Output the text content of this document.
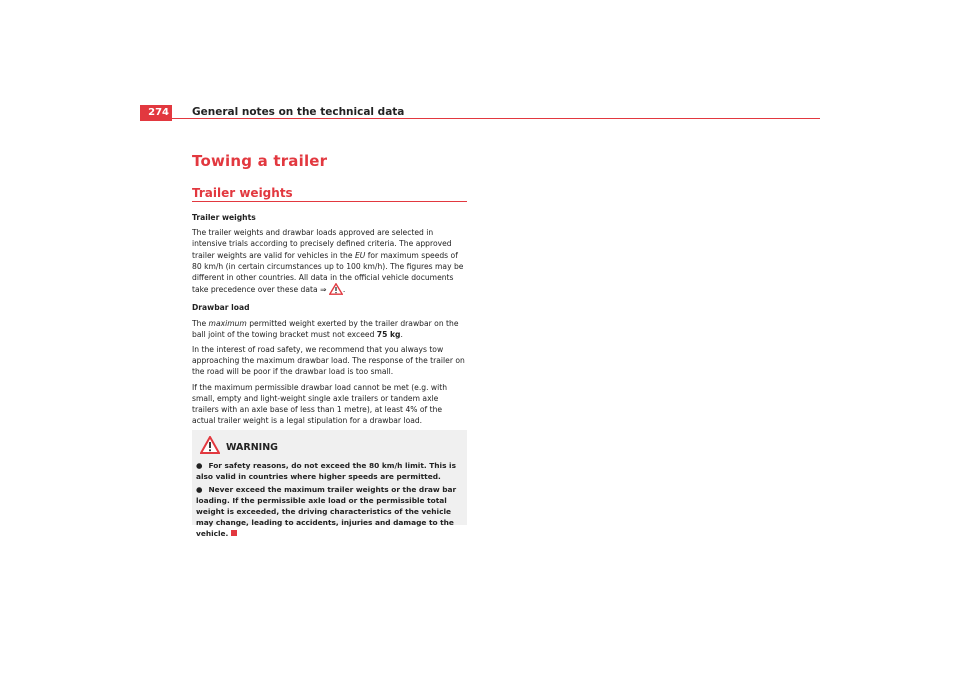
274 General notes on the technical data
Towing a trailer
Trailer weights

Trailer weights

The trailer weights and drawbar loads approved are selected in intensive trials according to precisely defined criteria. The approved trailer weights are valid for vehicles in the EU for maximum speeds of 80 km/h (in certain circumstances up to 100 km/h). The figures may be different in other countries. All data in the official vehicle documents take precedence over these data ⇒ .

Drawbar load

The maximum permitted weight exerted by the trailer drawbar on the ball joint of the towing bracket must not exceed 75 kg.

In the interest of road safety, we recommend that you always tow approaching the maximum drawbar load. The response of the trailer on the road will be poor if the drawbar load is too small.

If the maximum permissible drawbar load cannot be met (e.g. with small, empty and light-weight single axle trailers or tandem axle trailers with an axle base of less than 1 metre), at least 4% of the actual trailer weight is a legal stipulation for a drawbar load.

WARNING
● For safety reasons, do not exceed the 80 km/h limit. This is also valid in countries where higher speeds are permitted.
● Never exceed the maximum trailer weights or the draw bar loading. If the permissible axle load or the permissible total weight is exceeded, the driving characteristics of the vehicle may change, leading to accidents, injuries and damage to the vehicle.
